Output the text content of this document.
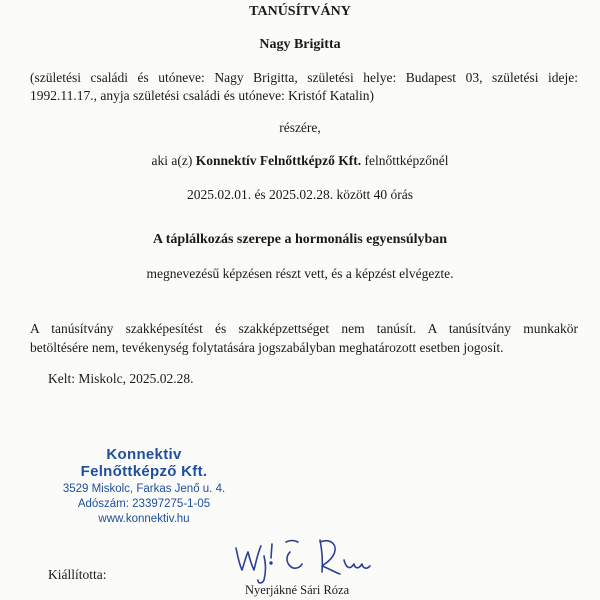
TANÚSÍTVÁNY
Nagy Brigitta
(születési családi és utóneve: Nagy Brigitta, születési helye: Budapest 03, születési ideje:
1992.11.17., anyja születési családi és utóneve: Kristóf Katalin)
részére,
aki a(z) Konnektív Felnőttképző Kft. felnőttképzőnél
2025.02.01. és 2025.02.28. között 40 órás
A táplálkozás szerepe a hormonális egyensúlyban
megnevezésű képzésen részt vett, és a képzést elvégezte.
A tanúsítvány szakképesítést és szakképzettséget nem tanúsít. A tanúsítvány munkakör
betöltésére nem, tevékenység folytatására jogszabályban meghatározott esetben jogosít.
Kelt: Miskolc, 2025.02.28.
Konnektiv
Felnőttképző Kft.
3529 Miskolc, Farkas Jenő u. 4.
Adószám: 23397275-1-05
www.konnektiv.hu
Kiállította:
Nyerjákné Sári Róza
